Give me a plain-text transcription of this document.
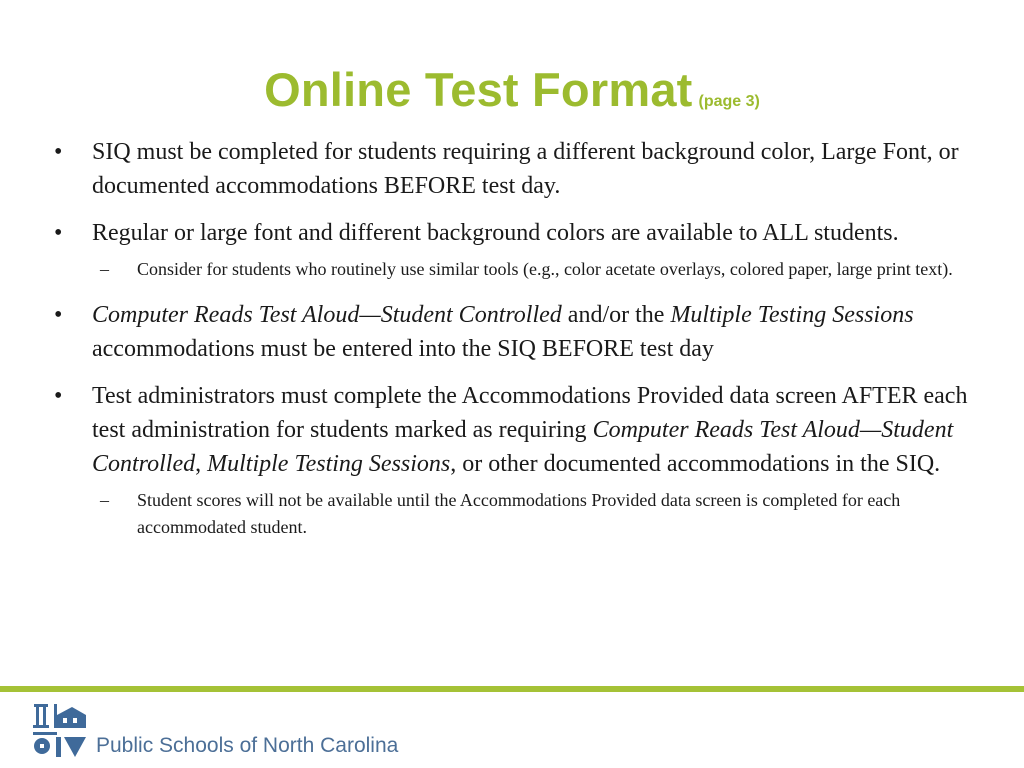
Online Test Format (page 3)
• SIQ must be completed for students requiring a different background color, Large Font, or documented accommodations BEFORE test day.
• Regular or large font and different background colors are available to ALL students.
– Consider for students who routinely use similar tools (e.g., color acetate overlays, colored paper, large print text).
• Computer Reads Test Aloud—Student Controlled and/or the Multiple Testing Sessions accommodations must be entered into the SIQ BEFORE test day
• Test administrators must complete the Accommodations Provided data screen AFTER each test administration for students marked as requiring Computer Reads Test Aloud—Student Controlled, Multiple Testing Sessions, or other documented accommodations in the SIQ.
– Student scores will not be available until the Accommodations Provided data screen is completed for each accommodated student.
Public Schools of North Carolina
